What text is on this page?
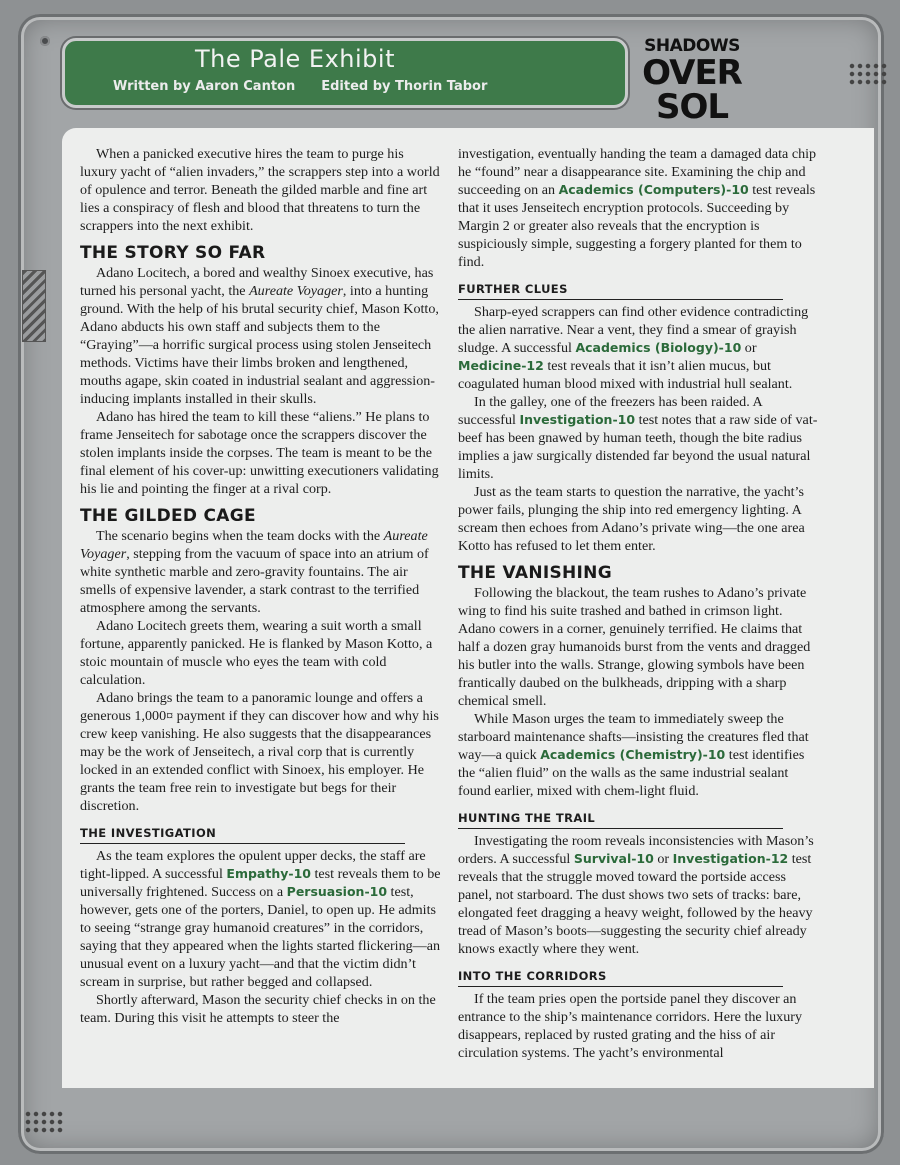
The Pale Exhibit
Written by Aaron Canton Edited by Thorin Tabor
SHADOWS
OVER
SOL

When a panicked executive hires the team to purge his luxury yacht of “alien invaders,” the scrappers step into a world of opulence and terror. Beneath the gilded marble and fine art lies a conspiracy of flesh and blood that threatens to turn the scrappers into the next exhibit.

THE STORY SO FAR

Adano Locitech, a bored and wealthy Sinoex executive, has turned his personal yacht, the Aureate Voyager, into a hunting ground. With the help of his brutal security chief, Mason Kotto, Adano abducts his own staff and subjects them to the “Graying”—a horrific surgical process using stolen Jenseitech methods. Victims have their limbs broken and lengthened, mouths agape, skin coated in industrial sealant and aggression-inducing implants installed in their skulls.

Adano has hired the team to kill these “aliens.” He plans to frame Jenseitech for sabotage once the scrappers discover the stolen implants inside the corpses. The team is meant to be the final element of his cover-up: unwitting executioners validating his lie and pointing the finger at a rival corp.

THE GILDED CAGE

The scenario begins when the team docks with the Aureate Voyager, stepping from the vacuum of space into an atrium of white synthetic marble and zero-gravity fountains. The air smells of expensive lavender, a stark contrast to the terrified atmosphere among the servants.

Adano Locitech greets them, wearing a suit worth a small fortune, apparently panicked. He is flanked by Mason Kotto, a stoic mountain of muscle who eyes the team with cold calculation.

Adano brings the team to a panoramic lounge and offers a generous 1,000¤ payment if they can discover how and why his crew keep vanishing. He also suggests that the disappearances may be the work of Jenseitech, a rival corp that is currently locked in an extended conflict with Sinoex, his employer. He grants the team free rein to investigate but begs for their discretion.

THE INVESTIGATION

As the team explores the opulent upper decks, the staff are tight-lipped. A successful Empathy-10 test reveals them to be universally frightened. Success on a Persuasion-10 test, however, gets one of the porters, Daniel, to open up. He admits to seeing “strange gray humanoid creatures” in the corridors, saying that they appeared when the lights started flickering—an unusual event on a luxury yacht—and that the victim didn’t scream in surprise, but rather begged and collapsed.

Shortly afterward, Mason the security chief checks in on the team. During this visit he attempts to steer the

investigation, eventually handing the team a damaged data chip he “found” near a disappearance site. Examining the chip and succeeding on an Academics (Computers)-10 test reveals that it uses Jenseitech encryption protocols. Succeeding by Margin 2 or greater also reveals that the encryption is suspiciously simple, suggesting a forgery planted for them to find.

FURTHER CLUES

Sharp-eyed scrappers can find other evidence contradicting the alien narrative. Near a vent, they find a smear of grayish sludge. A successful Academics (Biology)-10 or Medicine-12 test reveals that it isn’t alien mucus, but coagulated human blood mixed with industrial hull sealant.

In the galley, one of the freezers has been raided. A successful Investigation-10 test notes that a raw side of vat-beef has been gnawed by human teeth, though the bite radius implies a jaw surgically distended far beyond the usual natural limits.

Just as the team starts to question the narrative, the yacht’s power fails, plunging the ship into red emergency lighting. A scream then echoes from Adano’s private wing—the one area Kotto has refused to let them enter.

THE VANISHING

Following the blackout, the team rushes to Adano’s private wing to find his suite trashed and bathed in crimson light. Adano cowers in a corner, genuinely terrified. He claims that half a dozen gray humanoids burst from the vents and dragged his butler into the walls. Strange, glowing symbols have been frantically daubed on the bulkheads, dripping with a sharp chemical smell.

While Mason urges the team to immediately sweep the starboard maintenance shafts—insisting the creatures fled that way—a quick Academics (Chemistry)-10 test identifies the “alien fluid” on the walls as the same industrial sealant found earlier, mixed with chem-light fluid.

HUNTING THE TRAIL

Investigating the room reveals inconsistencies with Mason’s orders. A successful Survival-10 or Investigation-12 test reveals that the struggle moved toward the portside access panel, not starboard. The dust shows two sets of tracks: bare, elongated feet dragging a heavy weight, followed by the heavy tread of Mason’s boots—suggesting the security chief already knows exactly where they went.

INTO THE CORRIDORS

If the team pries open the portside panel they discover an entrance to the ship’s maintenance corridors. Here the luxury disappears, replaced by rusted grating and the hiss of air circulation systems. The yacht’s environmental
